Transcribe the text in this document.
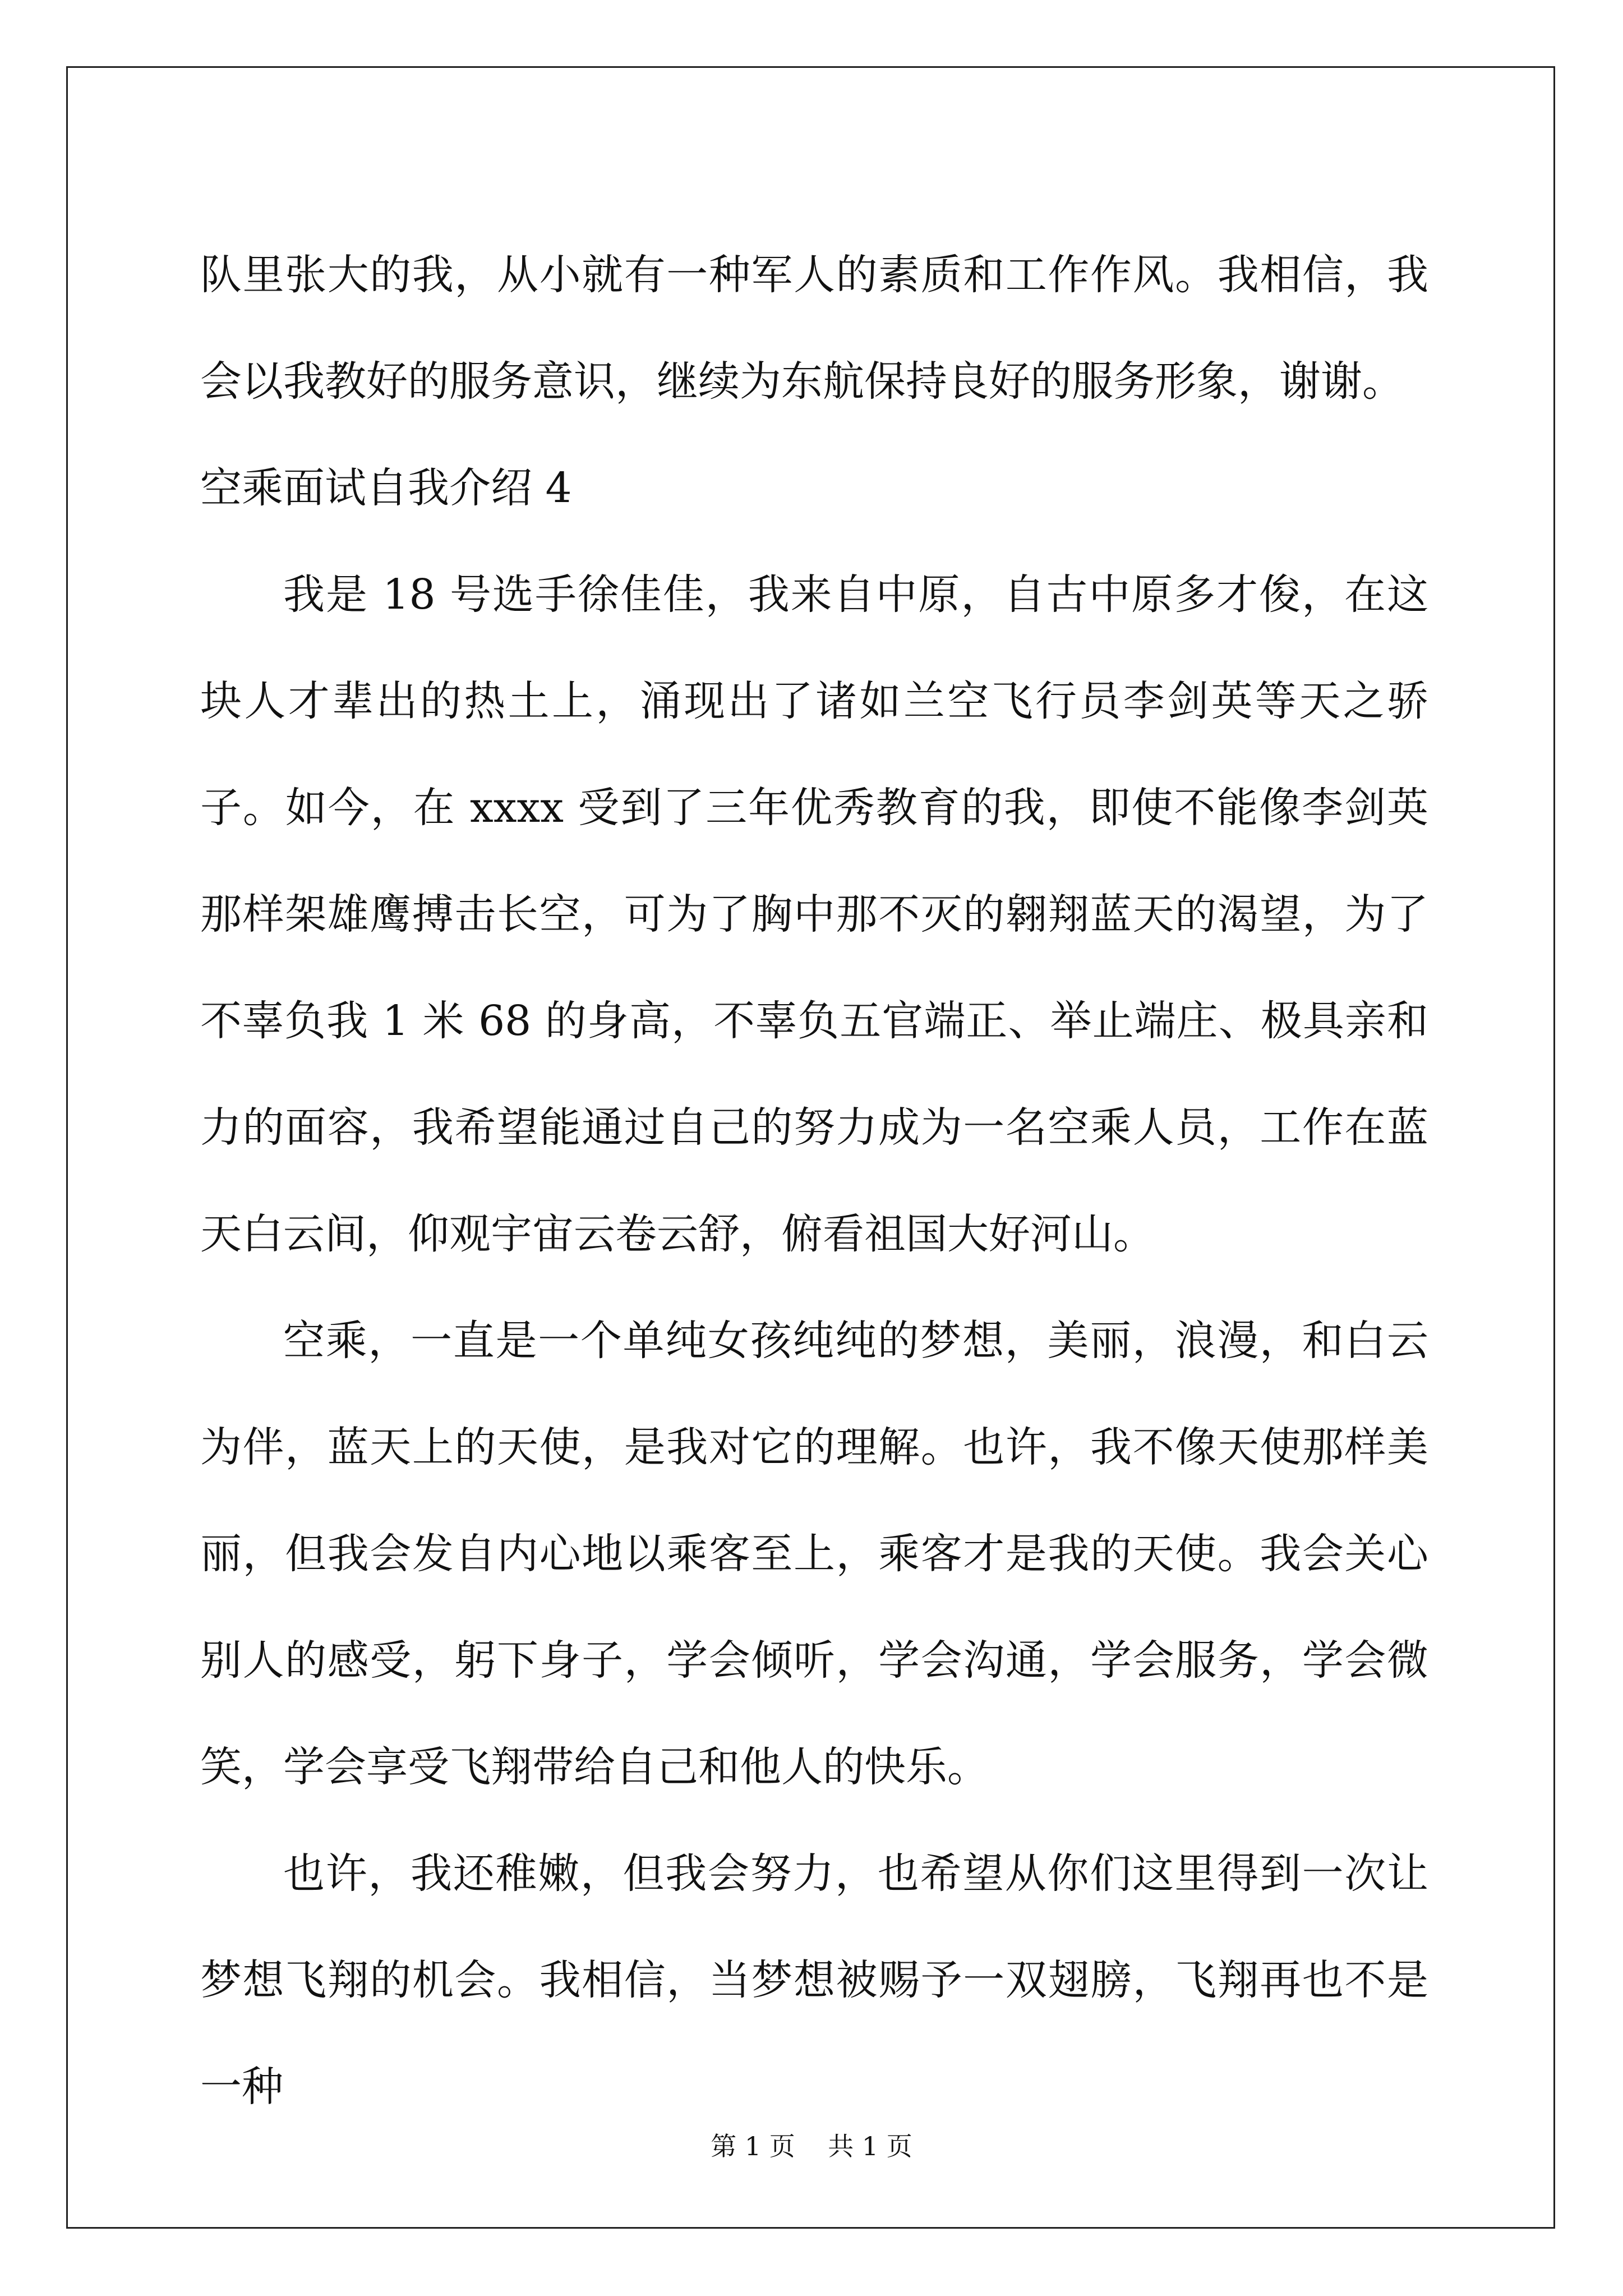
队里张大的我，从小就有一种军人的素质和工作作风。我相信，我会以我教好的服务意识，继续为东航保持良好的服务形象，谢谢。

空乘面试自我介绍 4

我是 18 号选手徐佳佳，我来自中原，自古中原多才俊，在这块人才辈出的热土上，涌现出了诸如兰空飞行员李剑英等天之骄子。如今，在 xxxx 受到了三年优秀教育的我，即使不能像李剑英那样架雄鹰搏击长空，可为了胸中那不灭的翱翔蓝天的渴望，为了不辜负我 1 米 68 的身高，不辜负五官端正、举止端庄、极具亲和力的面容，我希望能通过自己的努力成为一名空乘人员，工作在蓝天白云间，仰观宇宙云卷云舒，俯看祖国大好河山。

空乘，一直是一个单纯女孩纯纯的梦想，美丽，浪漫，和白云为伴，蓝天上的天使，是我对它的理解。也许，我不像天使那样美丽，但我会发自内心地以乘客至上，乘客才是我的天使。我会关心别人的感受，躬下身子，学会倾听，学会沟通，学会服务，学会微笑，学会享受飞翔带给自己和他人的快乐。

也许，我还稚嫩，但我会努力，也希望从你们这里得到一次让梦想飞翔的机会。我相信，当梦想被赐予一双翅膀，飞翔再也不是一种

第 1 页    共 1 页
